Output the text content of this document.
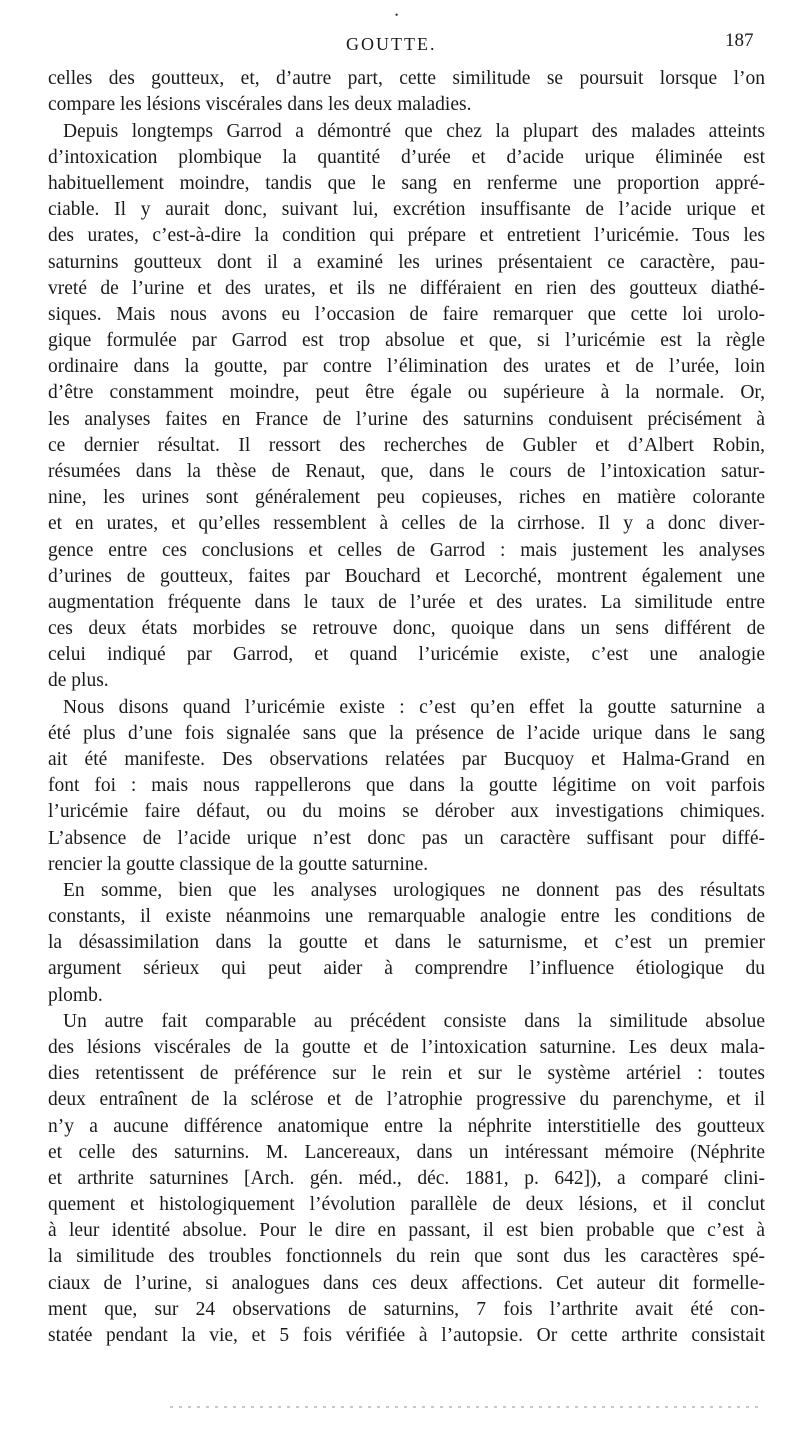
•
GOUTTE.	187

celles des goutteux, et, d’autre part, cette similitude se poursuit lorsque l’on

compare les lésions viscérales dans les deux maladies.

Depuis longtemps Garrod a démontré que chez la plupart des malades atteints

d’intoxication plombique la quantité d’urée et d’acide urique éliminée est

habituellement moindre, tandis que le sang en renferme une proportion appré-

ciable. Il y aurait donc, suivant lui, excrétion insuffisante de l’acide urique et

des urates, c’est-à-dire la condition qui prépare et entretient l’uricémie. Tous les

saturnins goutteux dont il a examiné les urines présentaient ce caractère, pau-

vreté de l’urine et des urates, et ils ne différaient en rien des goutteux diathé-

siques. Mais nous avons eu l’occasion de faire remarquer que cette loi urolo-

gique formulée par Garrod est trop absolue et que, si l’uricémie est la règle

ordinaire dans la goutte, par contre l’élimination des urates et de l’urée, loin

d’être constamment moindre, peut être égale ou supérieure à la normale. Or,

les analyses faites en France de l’urine des saturnins conduisent précisément à

ce dernier résultat. Il ressort des recherches de Gubler et d’Albert Robin,

résumées dans la thèse de Renaut, que, dans le cours de l’intoxication satur-

nine, les urines sont généralement peu copieuses, riches en matière colorante

et en urates, et qu’elles ressemblent à celles de la cirrhose. Il y a donc diver-

gence entre ces conclusions et celles de Garrod : mais justement les analyses

d’urines de goutteux, faites par Bouchard et Lecorché, montrent également une

augmentation fréquente dans le taux de l’urée et des urates. La similitude entre

ces deux états morbides se retrouve donc, quoique dans un sens différent de

celui indiqué par Garrod, et quand l’uricémie existe, c’est une analogie

de plus.

Nous disons quand l’uricémie existe : c’est qu’en effet la goutte saturnine a

été plus d’une fois signalée sans que la présence de l’acide urique dans le sang

ait été manifeste. Des observations relatées par Bucquoy et Halma-Grand en

font foi : mais nous rappellerons que dans la goutte légitime on voit parfois

l’uricémie faire défaut, ou du moins se dérober aux investigations chimiques.

L’absence de l’acide urique n’est donc pas un caractère suffisant pour diffé-

rencier la goutte classique de la goutte saturnine.

En somme, bien que les analyses urologiques ne donnent pas des résultats

constants, il existe néanmoins une remarquable analogie entre les conditions de

la désassimilation dans la goutte et dans le saturnisme, et c’est un premier

argument sérieux qui peut aider à comprendre l’influence étiologique du

plomb.

Un autre fait comparable au précédent consiste dans la similitude absolue

des lésions viscérales de la goutte et de l’intoxication saturnine. Les deux mala-

dies retentissent de préférence sur le rein et sur le système artériel : toutes

deux entraînent de la sclérose et de l’atrophie progressive du parenchyme, et il

n’y a aucune différence anatomique entre la néphrite interstitielle des goutteux

et celle des saturnins. M. Lancereaux, dans un intéressant mémoire (Néphrite

et arthrite saturnines [Arch. gén. méd., déc. 1881, p. 642]), a comparé clini-

quement et histologiquement l’évolution parallèle de deux lésions, et il conclut

à leur identité absolue. Pour le dire en passant, il est bien probable que c’est à

la similitude des troubles fonctionnels du rein que sont dus les caractères spé-

ciaux de l’urine, si analogues dans ces deux affections. Cet auteur dit formelle-

ment que, sur 24 observations de saturnins, 7 fois l’arthrite avait été con-

statée pendant la vie, et 5 fois vérifiée à l’autopsie. Or cette arthrite consistait
